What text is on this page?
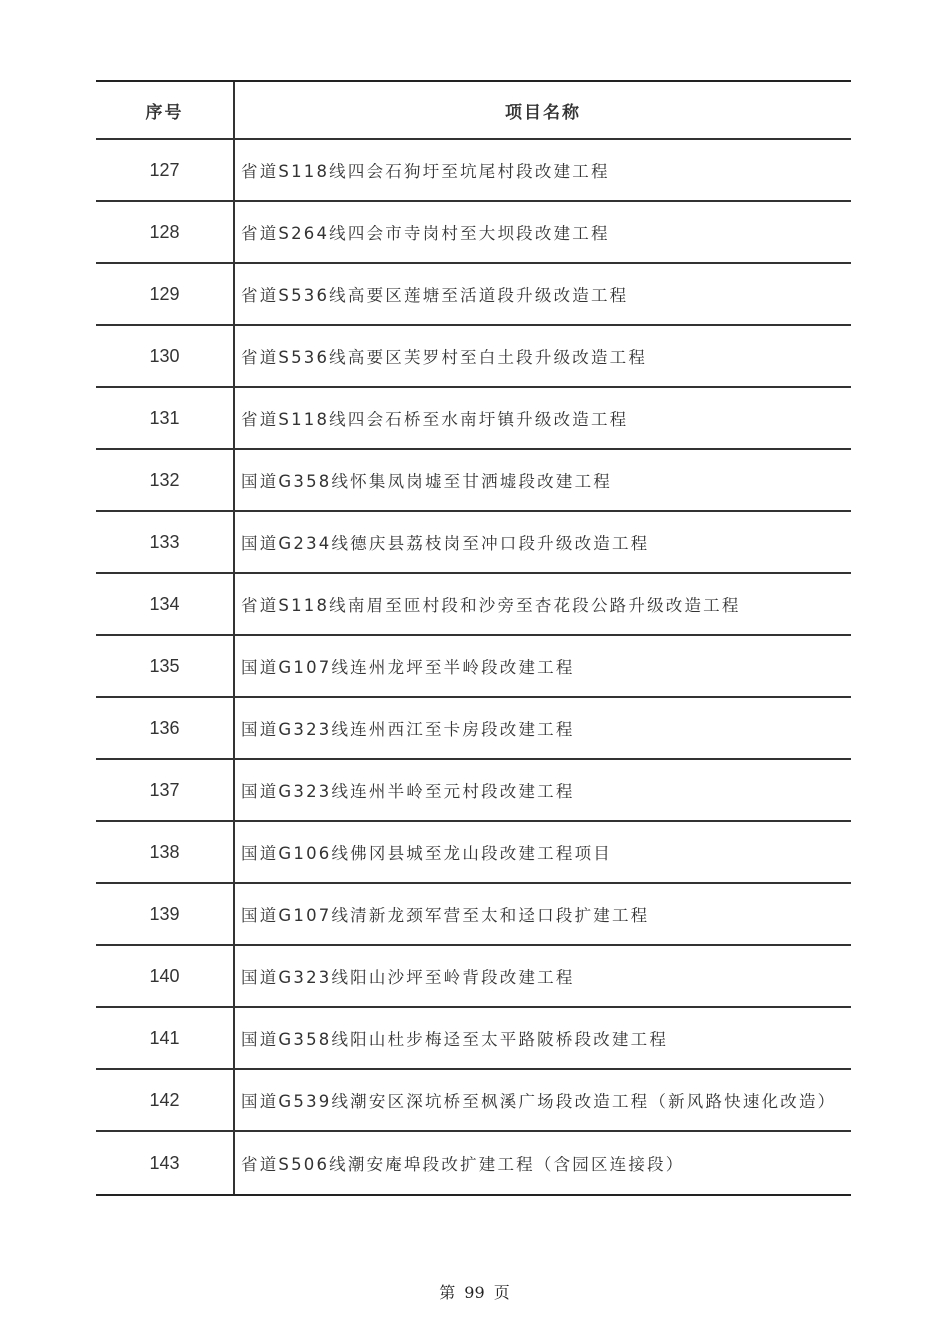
序号	项目名称
127	省道S118线四会石狗圩至坑尾村段改建工程
128	省道S264线四会市寺岗村至大坝段改建工程
129	省道S536线高要区莲塘至活道段升级改造工程
130	省道S536线高要区芙罗村至白土段升级改造工程
131	省道S118线四会石桥至水南圩镇升级改造工程
132	国道G358线怀集凤岗墟至甘洒墟段改建工程
133	国道G234线德庆县荔枝岗至冲口段升级改造工程
134	省道S118线南眉至匝村段和沙旁至杏花段公路升级改造工程
135	国道G107线连州龙坪至半岭段改建工程
136	国道G323线连州西江至卡房段改建工程
137	国道G323线连州半岭至元村段改建工程
138	国道G106线佛冈县城至龙山段改建工程项目
139	国道G107线清新龙颈军营至太和迳口段扩建工程
140	国道G323线阳山沙坪至岭背段改建工程
141	国道G358线阳山杜步梅迳至太平路陂桥段改建工程
142	国道G539线潮安区深坑桥至枫溪广场段改造工程（新风路快速化改造）
143	省道S506线潮安庵埠段改扩建工程（含园区连接段）
第 99 页
